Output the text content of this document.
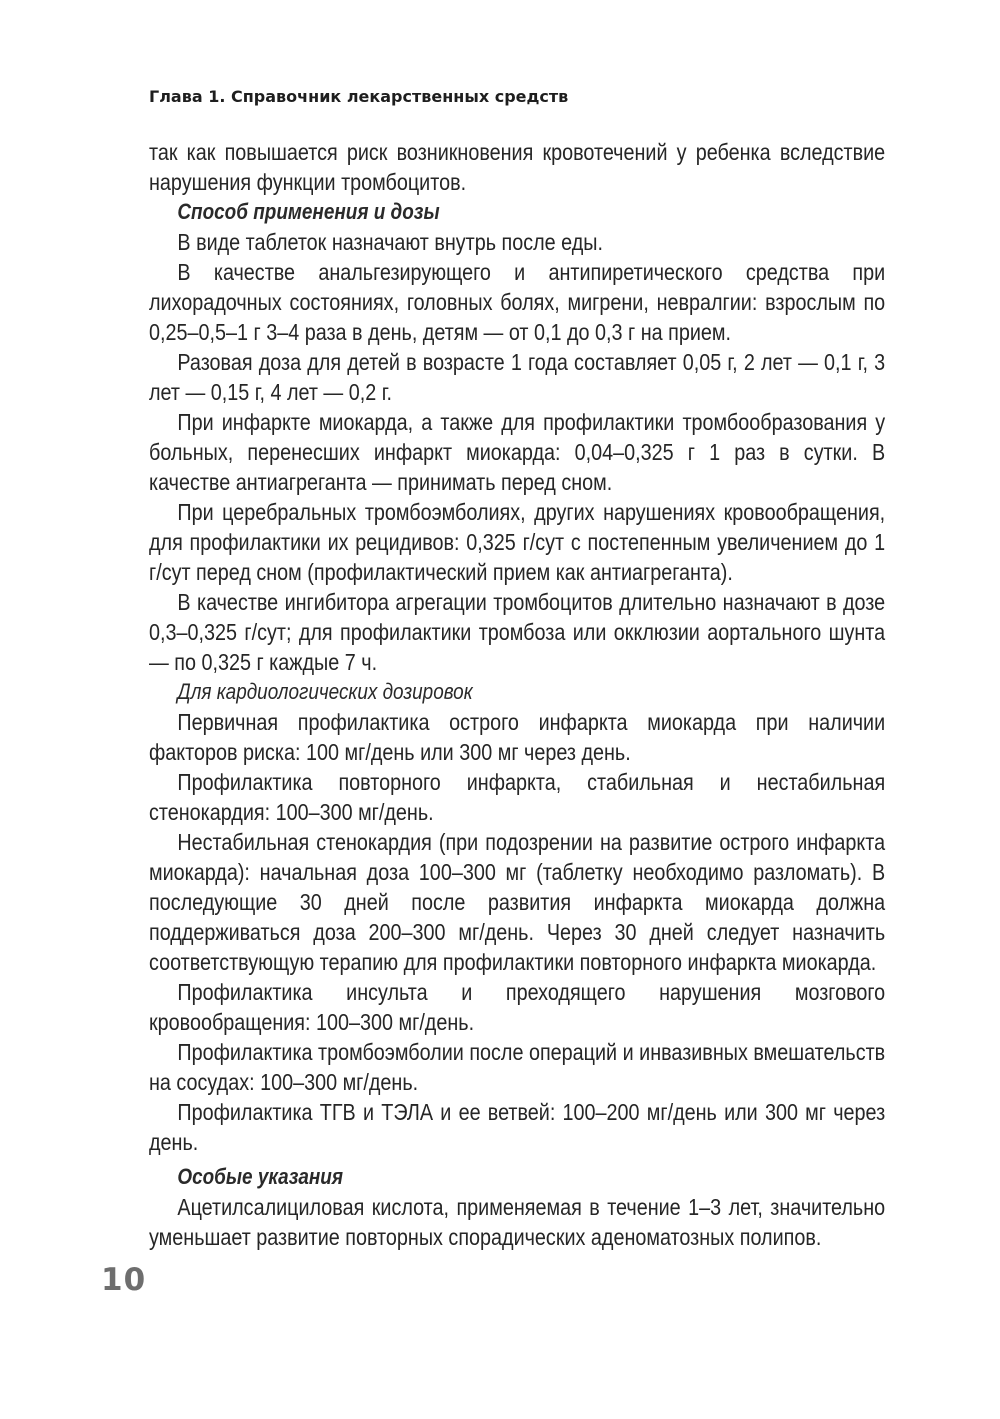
Глава 1. Справочник лекарственных средств

так как повышается риск возникновения кровотечений у ребенка вследствие нарушения функции тромбоцитов.

Способ применения и дозы

В виде таблеток назначают внутрь после еды.

В качестве анальгезирующего и антипиретического средства при лихорадочных состояниях, головных болях, мигрени, невралгии: взрослым по 0,25–0,5–1 г 3–4 раза в день, детям — от 0,1 до 0,3 г на прием.

Разовая доза для детей в возрасте 1 года составляет 0,05 г, 2 лет — 0,1 г, 3 лет — 0,15 г, 4 лет — 0,2 г.

При инфаркте миокарда, а также для профилактики тромбообразования у больных, перенесших инфаркт миокарда: 0,04–0,325 г 1 раз в сутки. В качестве антиагреганта — принимать перед сном.

При церебральных тромбоэмболиях, других нарушениях кровообращения, для профилактики их рецидивов: 0,325 г/сут с постепенным увеличением до 1 г/сут перед сном (профилактический прием как антиагреганта).

В качестве ингибитора агрегации тромбоцитов длительно назначают в дозе 0,3–0,325 г/сут; для профилактики тромбоза или окклюзии аортального шунта — по 0,325 г каждые 7 ч.

Для кардиологических дозировок

Первичная профилактика острого инфаркта миокарда при наличии факторов риска: 100 мг/день или 300 мг через день.

Профилактика повторного инфаркта, стабильная и нестабильная стенокардия: 100–300 мг/день.

Нестабильная стенокардия (при подозрении на развитие острого инфаркта миокарда): начальная доза 100–300 мг (таблетку необходимо разломать). В последующие 30 дней после развития инфаркта миокарда должна поддерживаться доза 200–300 мг/день. Через 30 дней следует назначить соответствующую терапию для профилактики повторного инфаркта миокарда.

Профилактика инсульта и преходящего нарушения мозгового кровообращения: 100–300 мг/день.

Профилактика тромбоэмболии после операций и инвазивных вмешательств на сосудах: 100–300 мг/день.

Профилактика ТГВ и ТЭЛА и ее ветвей: 100–200 мг/день или 300 мг через день.

Особые указания

Ацетилсалициловая кислота, применяемая в течение 1–3 лет, значительно уменьшает развитие повторных спорадических аденоматозных полипов.

10
